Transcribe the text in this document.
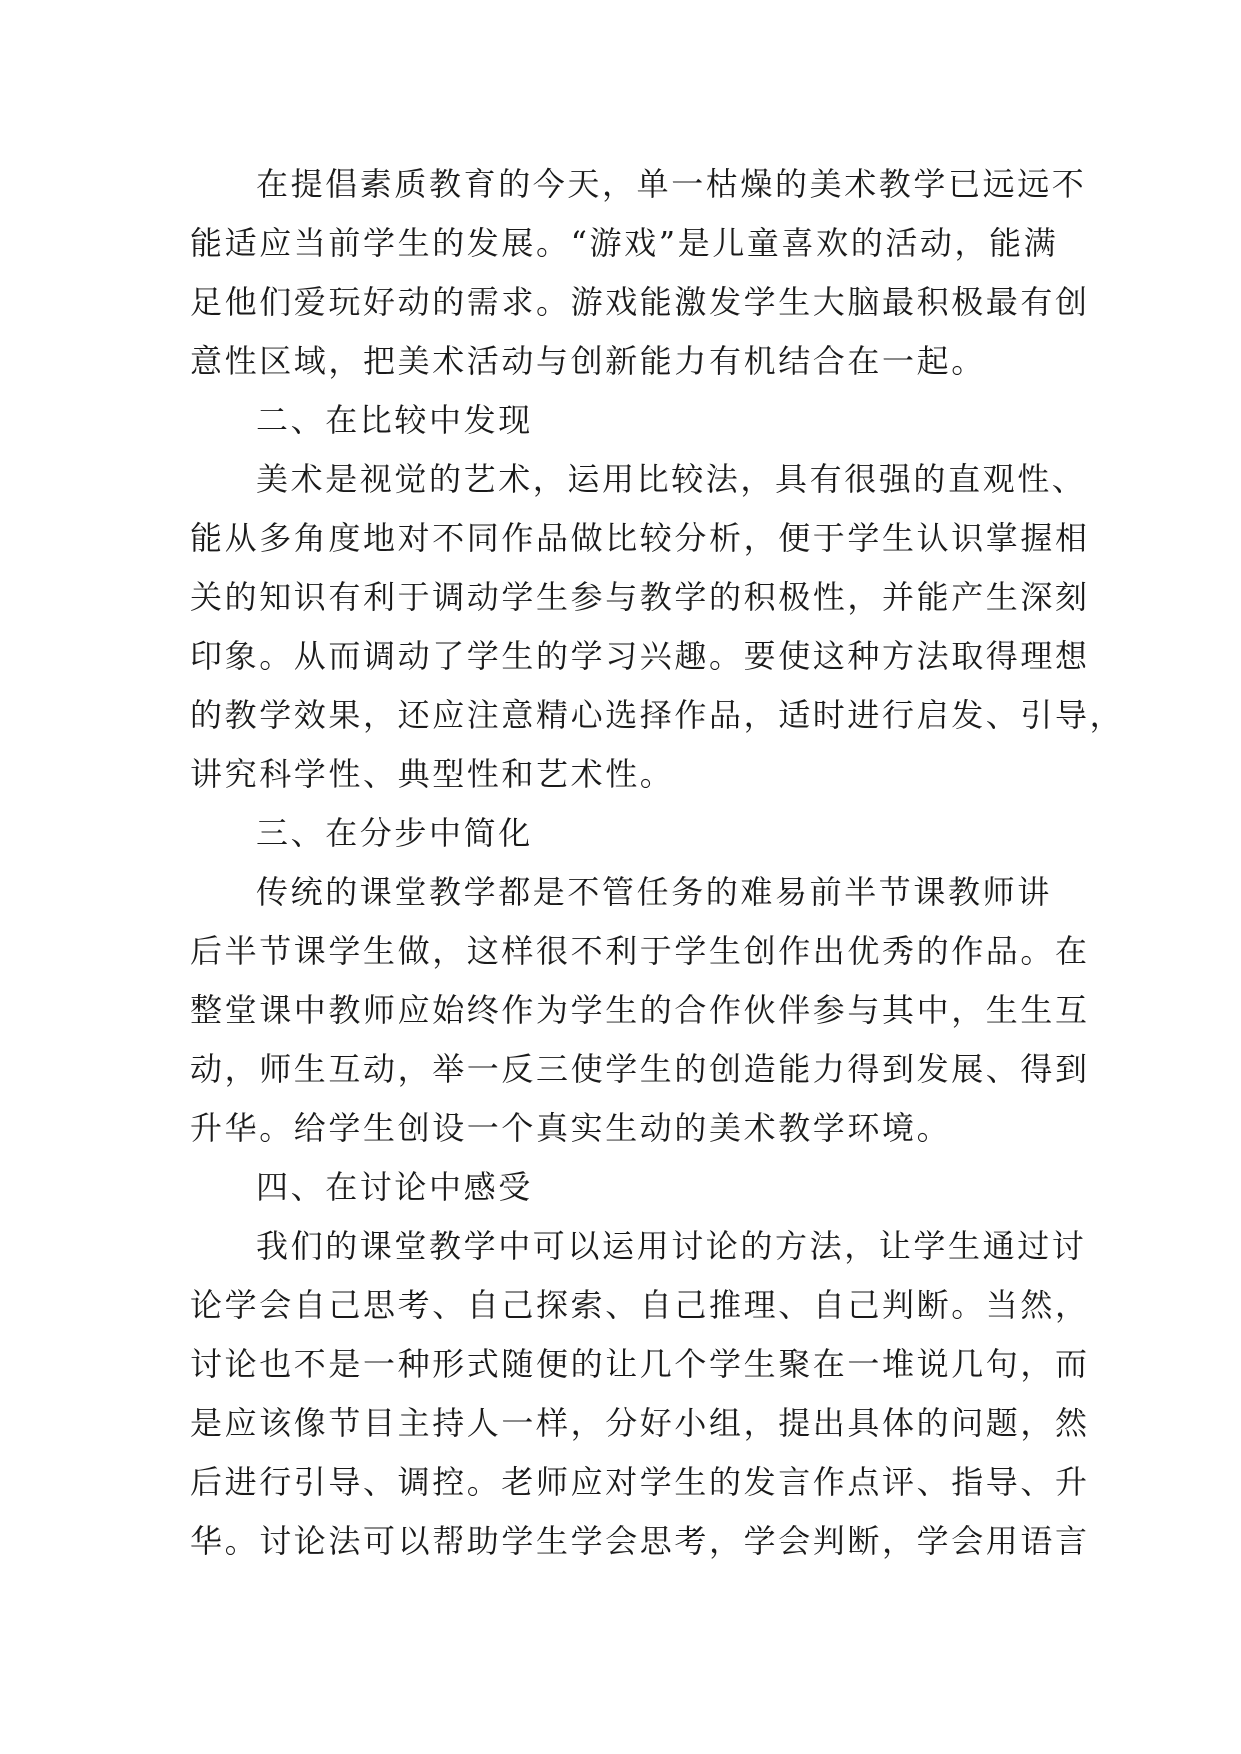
在提倡素质教育的今天，单一枯燥的美术教学已远远不
能适应当前学生的发展。“游戏”是儿童喜欢的活动，能满
足他们爱玩好动的需求。游戏能激发学生大脑最积极最有创
意性区域，把美术活动与创新能力有机结合在一起。
二、在比较中发现
美术是视觉的艺术，运用比较法，具有很强的直观性、
能从多角度地对不同作品做比较分析，便于学生认识掌握相
关的知识有利于调动学生参与教学的积极性，并能产生深刻
印象。从而调动了学生的学习兴趣。要使这种方法取得理想
的教学效果，还应注意精心选择作品，适时进行启发、引导，
讲究科学性、典型性和艺术性。
三、在分步中简化
传统的课堂教学都是不管任务的难易前半节课教师讲
后半节课学生做，这样很不利于学生创作出优秀的作品。在
整堂课中教师应始终作为学生的合作伙伴参与其中，生生互
动，师生互动，举一反三使学生的创造能力得到发展、得到
升华。给学生创设一个真实生动的美术教学环境。
四、在讨论中感受
我们的课堂教学中可以运用讨论的方法，让学生通过讨
论学会自己思考、自己探索、自己推理、自己判断。当然，
讨论也不是一种形式随便的让几个学生聚在一堆说几句，而
是应该像节目主持人一样，分好小组，提出具体的问题，然
后进行引导、调控。老师应对学生的发言作点评、指导、升
华。讨论法可以帮助学生学会思考，学会判断，学会用语言
